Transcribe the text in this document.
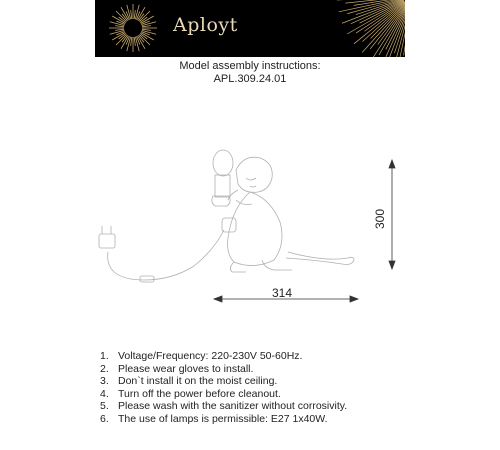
Aployt
Model assembly instructions:
APL.309.24.01
314
300
1. Voltage/Frequency: 220-230V 50-60Hz.
2. Please wear gloves to install.
3. Don`t install it on the moist ceiling.
4. Turn off the power before cleanout.
5. Please wash with the sanitizer without corrosivity.
6. The use of lamps is permissible: E27 1x40W.
